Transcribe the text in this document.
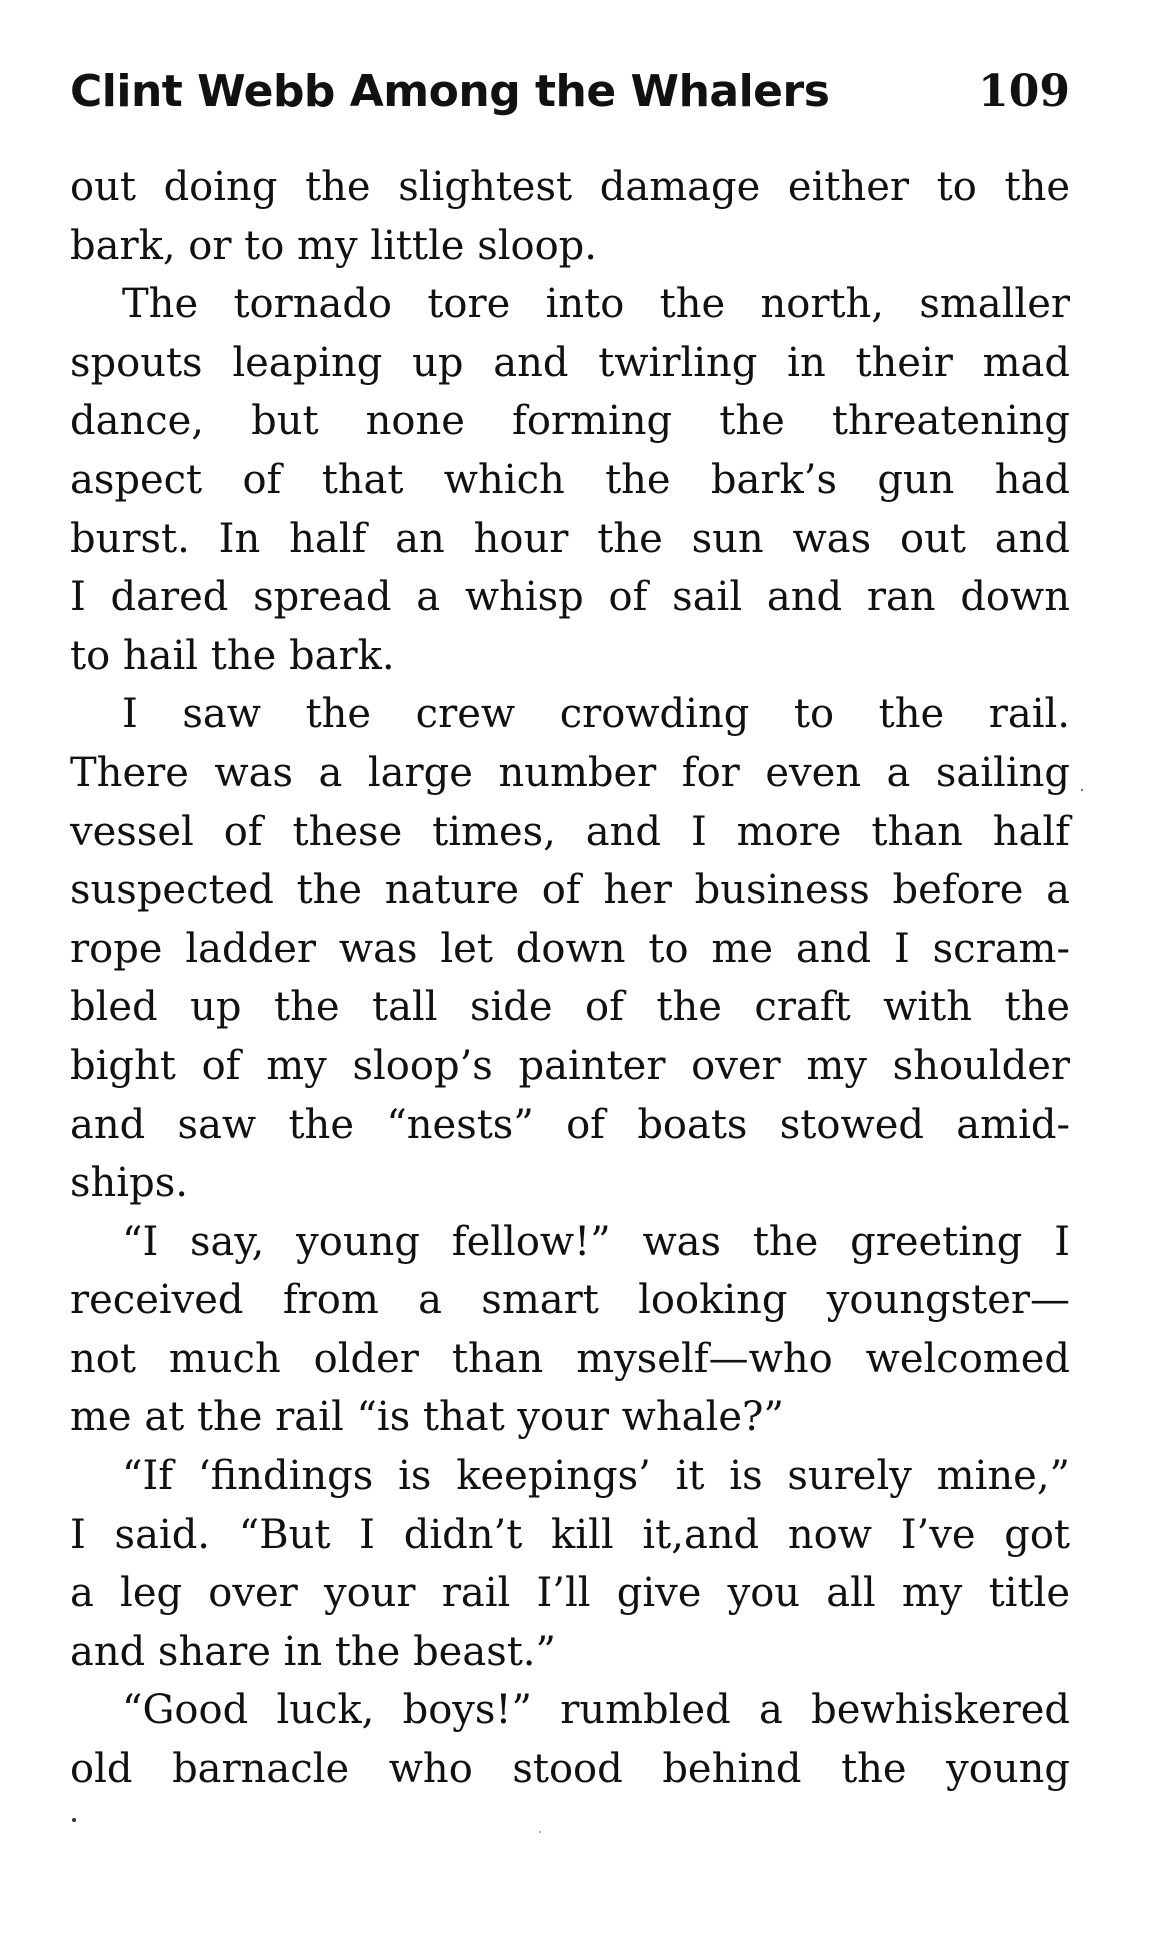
Clint Webb Among the Whalers	109
out doing the slightest damage either to the
bark, or to my little sloop.
The tornado tore into the north, smaller
spouts leaping up and twirling in their mad
dance, but none forming the threatening
aspect of that which the bark’s gun had
burst. In half an hour the sun was out and
I dared spread a whisp of sail and ran down
to hail the bark.
I saw the crew crowding to the rail.
There was a large number for even a sailing
vessel of these times, and I more than half
suspected the nature of her business before a
rope ladder was let down to me and I scram-
bled up the tall side of the craft with the
bight of my sloop’s painter over my shoulder
and saw the “nests” of boats stowed amid-
ships.
“I say, young fellow!” was the greeting I
received from a smart looking youngster—
not much older than myself—who welcomed
me at the rail “is that your whale?”
“If ‘findings is keepings’ it is surely mine,”
I said. “But I didn’t kill it,and now I’ve got
a leg over your rail I’ll give you all my title
and share in the beast.”
“Good luck, boys!” rumbled a bewhiskered
old barnacle who stood behind the young
